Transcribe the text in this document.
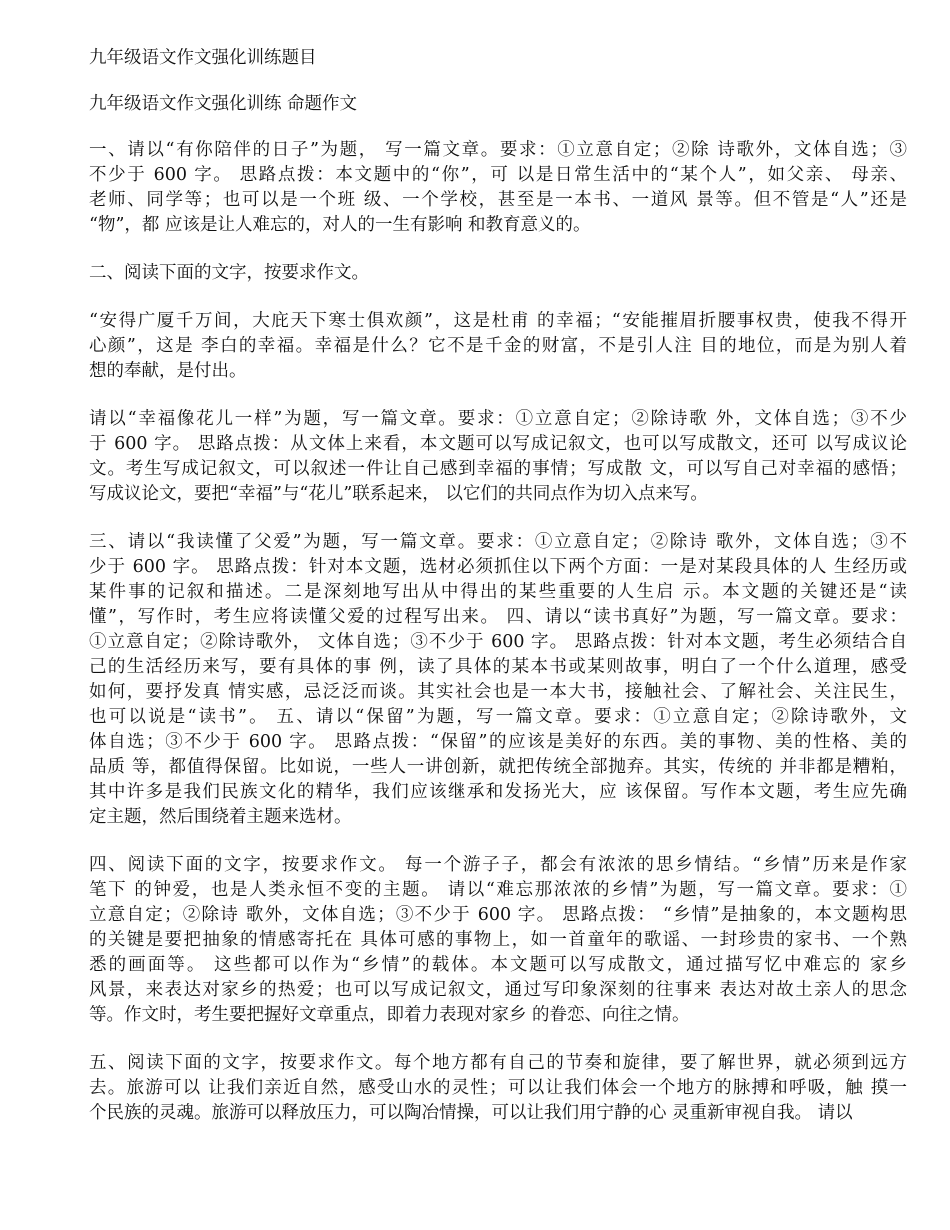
九年级语文作文强化训练题目
九年级语文作文强化训练 命题作文
一、请以“有你陪伴的日子”为题， 写一篇文章。要求：①立意自定；②除 诗歌外，文体自选；③
不少于 600 字。 思路点拨：本文题中的“你”，可 以是日常生活中的“某个人”，如父亲、 母亲、
老师、同学等；也可以是一个班 级、一个学校，甚至是一本书、一道风 景等。但不管是“人”还是
“物”，都 应该是让人难忘的，对人的一生有影响 和教育意义的。
二、阅读下面的文字，按要求作文。
“安得广厦千万间，大庇天下寒士俱欢颜”，这是杜甫 的幸福；“安能摧眉折腰事权贵，使我不得开
心颜”，这是 李白的幸福。幸福是什么？它不是千金的财富，不是引人注 目的地位，而是为别人着
想的奉献，是付出。
请以“幸福像花儿一样”为题，写一篇文章。要求：①立意自定；②除诗歌 外，文体自选；③不少
于 600 字。 思路点拨：从文体上来看，本文题可以写成记叙文，也可以写成散文，还可 以写成议论
文。考生写成记叙文，可以叙述一件让自己感到幸福的事情；写成散 文，可以写自己对幸福的感悟；
写成议论文，要把“幸福”与“花儿”联系起来， 以它们的共同点作为切入点来写。
三、请以“我读懂了父爱”为题，写一篇文章。要求：①立意自定；②除诗 歌外，文体自选；③不
少于 600 字。 思路点拨：针对本文题，选材必须抓住以下两个方面：一是对某段具体的人 生经历或
某件事的记叙和描述。二是深刻地写出从中得出的某些重要的人生启 示。本文题的关键还是“读
懂”，写作时，考生应将读懂父爱的过程写出来。 四、请以“读书真好”为题，写一篇文章。要求：
①立意自定；②除诗歌外， 文体自选；③不少于 600 字。 思路点拨：针对本文题，考生必须结合自
己的生活经历来写，要有具体的事 例，读了具体的某本书或某则故事，明白了一个什么道理，感受
如何，要抒发真 情实感，忌泛泛而谈。其实社会也是一本大书，接触社会、了解社会、关注民生，
也可以说是“读书”。 五、请以“保留”为题，写一篇文章。要求：①立意自定；②除诗歌外，文
体自选；③不少于 600 字。 思路点拨：“保留”的应该是美好的东西。美的事物、美的性格、美的
品质 等，都值得保留。比如说，一些人一讲创新，就把传统全部抛弃。其实，传统的 并非都是糟粕，
其中许多是我们民族文化的精华，我们应该继承和发扬光大，应 该保留。写作本文题，考生应先确
定主题，然后围绕着主题来选材。
四、阅读下面的文字，按要求作文。 每一个游子子，都会有浓浓的思乡情结。“乡情”历来是作家
笔下 的钟爱，也是人类永恒不变的主题。 请以“难忘那浓浓的乡情”为题，写一篇文章。要求：①
立意自定；②除诗 歌外，文体自选；③不少于 600 字。 思路点拨： “乡情”是抽象的，本文题构思
的关键是要把抽象的情感寄托在 具体可感的事物上，如一首童年的歌谣、一封珍贵的家书、一个熟
悉的画面等。 这些都可以作为“乡情”的载体。本文题可以写成散文，通过描写忆中难忘的 家乡
风景，来表达对家乡的热爱；也可以写成记叙文，通过写印象深刻的往事来 表达对故土亲人的思念
等。作文时，考生要把握好文章重点，即着力表现对家乡 的眷恋、向往之情。
五、阅读下面的文字，按要求作文。每个地方都有自己的节奏和旋律，要了解世界，就必须到远方
去。旅游可以 让我们亲近自然，感受山水的灵性；可以让我们体会一个地方的脉搏和呼吸，触 摸一
个民族的灵魂。旅游可以释放压力，可以陶冶情操，可以让我们用宁静的心 灵重新审视自我。 请以
